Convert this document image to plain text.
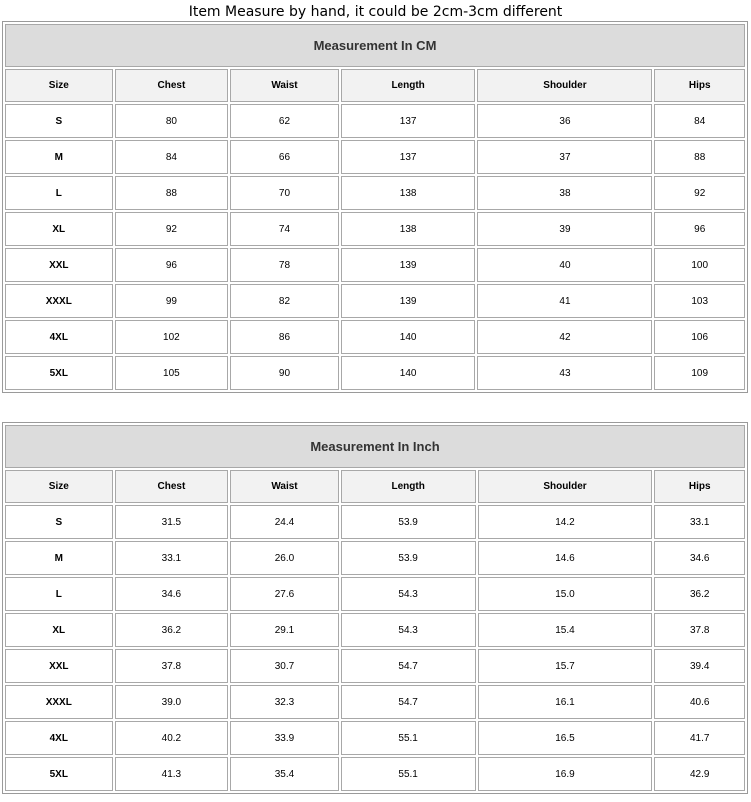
Item Measure by hand, it could be 2cm-3cm different
Measurement In CM					
Size	Chest	Waist	Length	Shoulder	Hips
S	80	62	137	36	84
M	84	66	137	37	88
L	88	70	138	38	92
XL	92	74	138	39	96
XXL	96	78	139	40	100
XXXL	99	82	139	41	103
4XL	102	86	140	42	106
5XL	105	90	140	43	109
Measurement In Inch					
Size	Chest	Waist	Length	Shoulder	Hips
S	31.5	24.4	53.9	14.2	33.1
M	33.1	26.0	53.9	14.6	34.6
L	34.6	27.6	54.3	15.0	36.2
XL	36.2	29.1	54.3	15.4	37.8
XXL	37.8	30.7	54.7	15.7	39.4
XXXL	39.0	32.3	54.7	16.1	40.6
4XL	40.2	33.9	55.1	16.5	41.7
5XL	41.3	35.4	55.1	16.9	42.9
